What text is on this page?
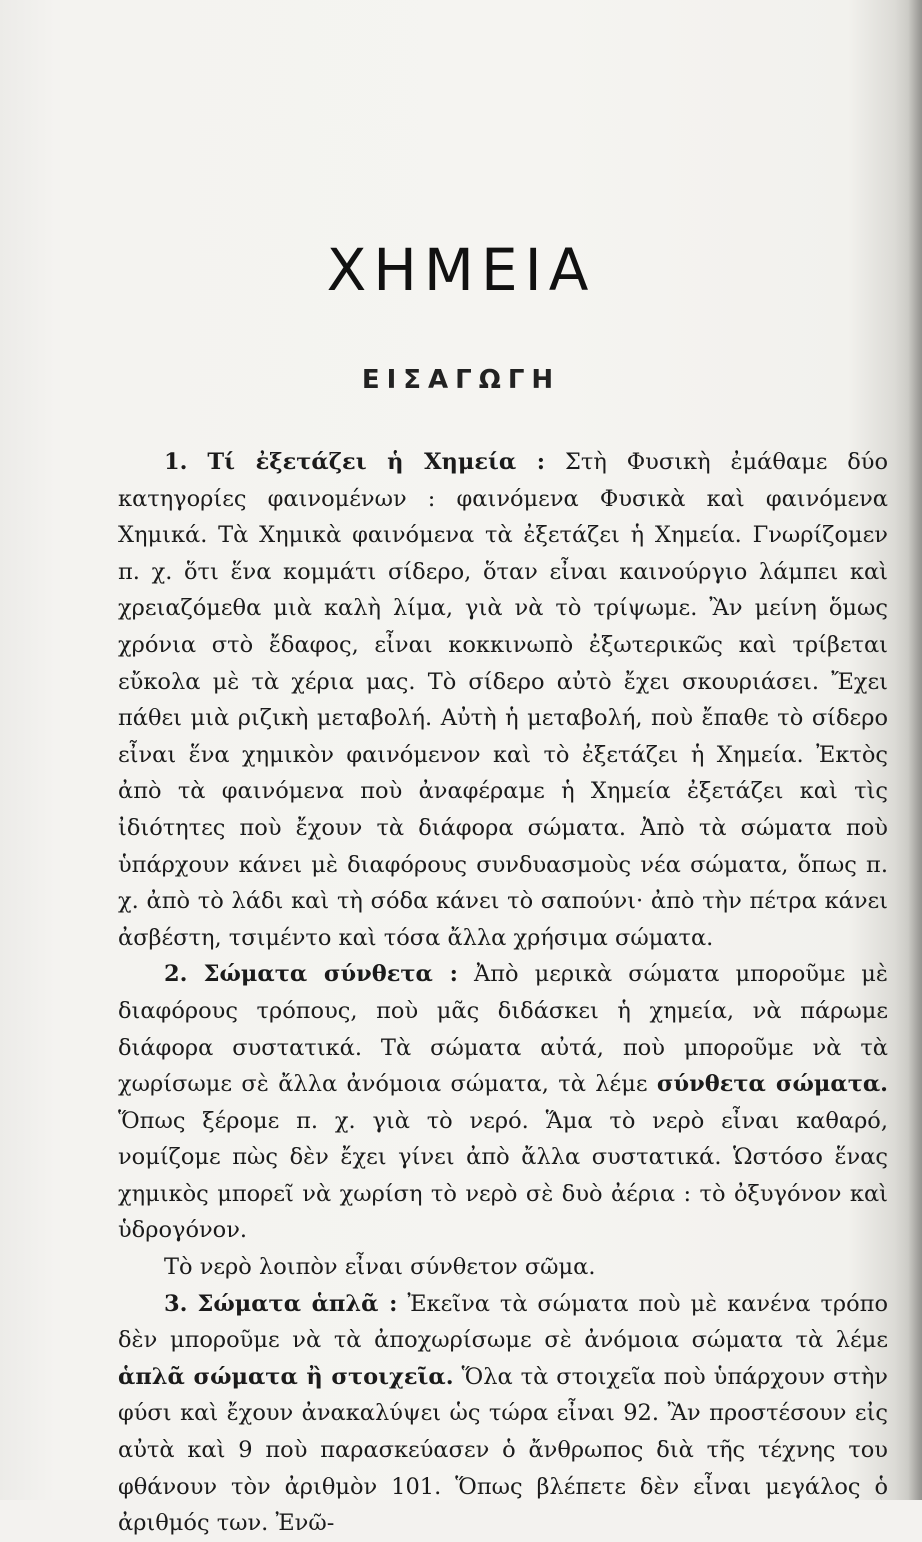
ΧΗΜΕΙΑ
ΕΙΣΑΓΩΓΗ

1. Τί ἐξετάζει ἡ Χημεία : Στὴ Φυσικὴ ἐμάθαμε δύο κατηγορίες φαινομένων : φαινόμενα Φυσικὰ καὶ φαινόμενα Χημικά. Τὰ Χημικὰ φαινόμενα τὰ ἐξετάζει ἡ Χημεία. Γνωρίζομεν π. χ. ὅτι ἕνα κομμάτι σίδερο, ὅταν εἶναι καινούργιο λάμπει καὶ χρειαζόμεθα μιὰ καλὴ λίμα, γιὰ νὰ τὸ τρίψωμε. Ἂν μείνη ὅμως χρόνια στὸ ἔδαφος, εἶναι κοκκινωπὸ ἐξωτερικῶς καὶ τρίβεται εὔκολα μὲ τὰ χέρια μας. Τὸ σίδερο αὐτὸ ἔχει σκουριάσει. Ἔχει πάθει μιὰ ριζικὴ μεταβολή. Αὐτὴ ἡ μεταβολή, ποὺ ἔπαθε τὸ σίδερο εἶναι ἕνα χημικὸν φαινόμενον καὶ τὸ ἐξετάζει ἡ Χημεία. Ἐκτὸς ἀπὸ τὰ φαινόμενα ποὺ ἀναφέραμε ἡ Χημεία ἐξετάζει καὶ τὶς ἰδιότητες ποὺ ἔχουν τὰ διάφορα σώματα. Ἀπὸ τὰ σώματα ποὺ ὑπάρχουν κάνει μὲ διαφόρους συνδυασμοὺς νέα σώματα, ὅπως π. χ. ἀπὸ τὸ λάδι καὶ τὴ σόδα κάνει τὸ σαπούνι· ἀπὸ τὴν πέτρα κάνει ἀσβέστη, τσιμέντο καὶ τόσα ἄλλα χρήσιμα σώματα.

2. Σώματα σύνθετα : Ἀπὸ μερικὰ σώματα μποροῦμε μὲ διαφόρους τρόπους, ποὺ μᾶς διδάσκει ἡ χημεία, νὰ πάρωμε διάφορα συστατικά. Τὰ σώματα αὐτά, ποὺ μποροῦμε νὰ τὰ χωρίσωμε σὲ ἄλλα ἀνόμοια σώματα, τὰ λέμε σύνθετα σώματα. Ὅπως ξέρομε π. χ. γιὰ τὸ νερό. Ἅμα τὸ νερὸ εἶναι καθαρό, νομίζομε πὼς δὲν ἔχει γίνει ἀπὸ ἄλλα συστατικά. Ὡστόσο ἕνας χημικὸς μπορεῖ νὰ χωρίση τὸ νερὸ σὲ δυὸ ἀέρια : τὸ ὀξυγόνον καὶ ὑδρογόνον.

Τὸ νερὸ λοιπὸν εἶναι σύνθετον σῶμα.

3. Σώματα ἁπλᾶ : Ἐκεῖνα τὰ σώματα ποὺ μὲ κανένα τρόπο δὲν μποροῦμε νὰ τὰ ἀποχωρίσωμε σὲ ἀνόμοια σώματα τὰ λέμε ἁπλᾶ σώματα ἢ στοιχεῖα. Ὅλα τὰ στοιχεῖα ποὺ ὑπάρχουν στὴν φύσι καὶ ἔχουν ἀνακαλύψει ὡς τώρα εἶναι 92. Ἂν προστέσουν εἰς αὐτὰ καὶ 9 ποὺ παρασκεύασεν ὁ ἄνθρωπος διὰ τῆς τέχνης του φθάνουν τὸν ἀριθμὸν 101. Ὅπως βλέπετε δὲν εἶναι μεγάλος ὁ ἀριθμός των. Ἐνῶ-
